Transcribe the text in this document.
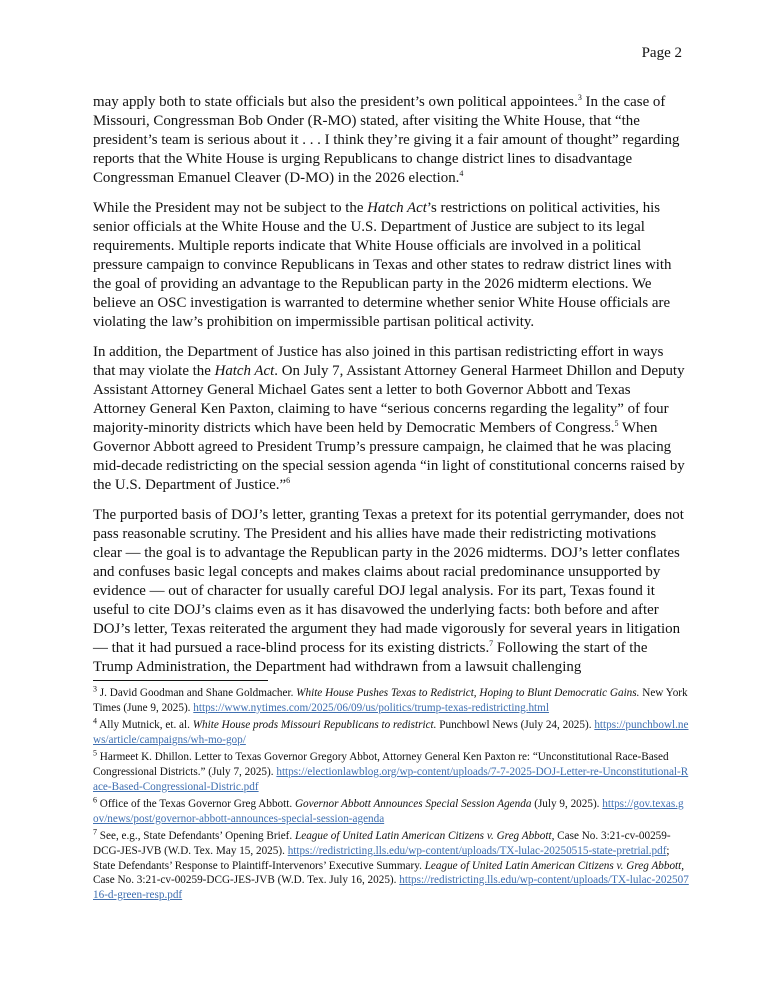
Page 2

may apply both to state officials but also the president’s own political appointees.$^3$ In the case of Missouri, Congressman Bob Onder (R-MO) stated, after visiting the White House, that “the president’s team is serious about it . . . I think they’re giving it a fair amount of thought” regarding reports that the White House is urging Republicans to change district lines to disadvantage Congressman Emanuel Cleaver (D-MO) in the 2026 election.$^4$

While the President may not be subject to the Hatch Act’s restrictions on political activities, his senior officials at the White House and the U.S. Department of Justice are subject to its legal requirements. Multiple reports indicate that White House officials are involved in a political pressure campaign to convince Republicans in Texas and other states to redraw district lines with the goal of providing an advantage to the Republican party in the 2026 midterm elections. We believe an OSC investigation is warranted to determine whether senior White House officials are violating the law’s prohibition on impermissible partisan political activity.

In addition, the Department of Justice has also joined in this partisan redistricting effort in ways that may violate the Hatch Act. On July 7, Assistant Attorney General Harmeet Dhillon and Deputy Assistant Attorney General Michael Gates sent a letter to both Governor Abbott and Texas Attorney General Ken Paxton, claiming to have “serious concerns regarding the legality” of four majority-minority districts which have been held by Democratic Members of Congress.$^5$ When Governor Abbott agreed to President Trump’s pressure campaign, he claimed that he was placing mid-decade redistricting on the special session agenda “in light of constitutional concerns raised by the U.S. Department of Justice.”$^6$

The purported basis of DOJ’s letter, granting Texas a pretext for its potential gerrymander, does not pass reasonable scrutiny. The President and his allies have made their redistricting motivations clear — the goal is to advantage the Republican party in the 2026 midterms. DOJ’s letter conflates and confuses basic legal concepts and makes claims about racial predominance unsupported by evidence — out of character for usually careful DOJ legal analysis. For its part, Texas found it useful to cite DOJ’s claims even as it has disavowed the underlying facts: both before and after DOJ’s letter, Texas reiterated the argument they had made vigorously for several years in litigation — that it had pursued a race-blind process for its existing districts.$^7$ Following the start of the Trump Administration, the Department had withdrawn from a lawsuit challenging

$^3$ J. David Goodman and Shane Goldmacher. White House Pushes Texas to Redistrict, Hoping to Blunt Democratic Gains. New York Times (June 9, 2025). https://www.nytimes.com/2025/06/09/us/politics/trump-texas-redistricting.html
$^4$ Ally Mutnick, et. al. White House prods Missouri Republicans to redistrict. Punchbowl News (July 24, 2025). https://punchbowl.news/article/campaigns/wh-mo-gop/
$^5$ Harmeet K. Dhillon. Letter to Texas Governor Gregory Abbot, Attorney General Ken Paxton re: “Unconstitutional Race-Based Congressional Districts.” (July 7, 2025). https://electionlawblog.org/wp-content/uploads/7-7-2025-DOJ-Letter-re-Unconstitutional-Race-Based-Congressional-Distric.pdf
$^6$ Office of the Texas Governor Greg Abbott. Governor Abbott Announces Special Session Agenda (July 9, 2025). https://gov.texas.gov/news/post/governor-abbott-announces-special-session-agenda
$^7$ See, e.g., State Defendants’ Opening Brief. League of United Latin American Citizens v. Greg Abbott, Case No. 3:21-cv-00259-DCG-JES-JVB (W.D. Tex. May 15, 2025). https://redistricting.lls.edu/wp-content/uploads/TX-lulac-20250515-state-pretrial.pdf; State Defendants’ Response to Plaintiff-Intervenors’ Executive Summary. League of United Latin American Citizens v. Greg Abbott, Case No. 3:21-cv-00259-DCG-JES-JVB (W.D. Tex. July 16, 2025). https://redistricting.lls.edu/wp-content/uploads/TX-lulac-20250716-d-green-resp.pdf
